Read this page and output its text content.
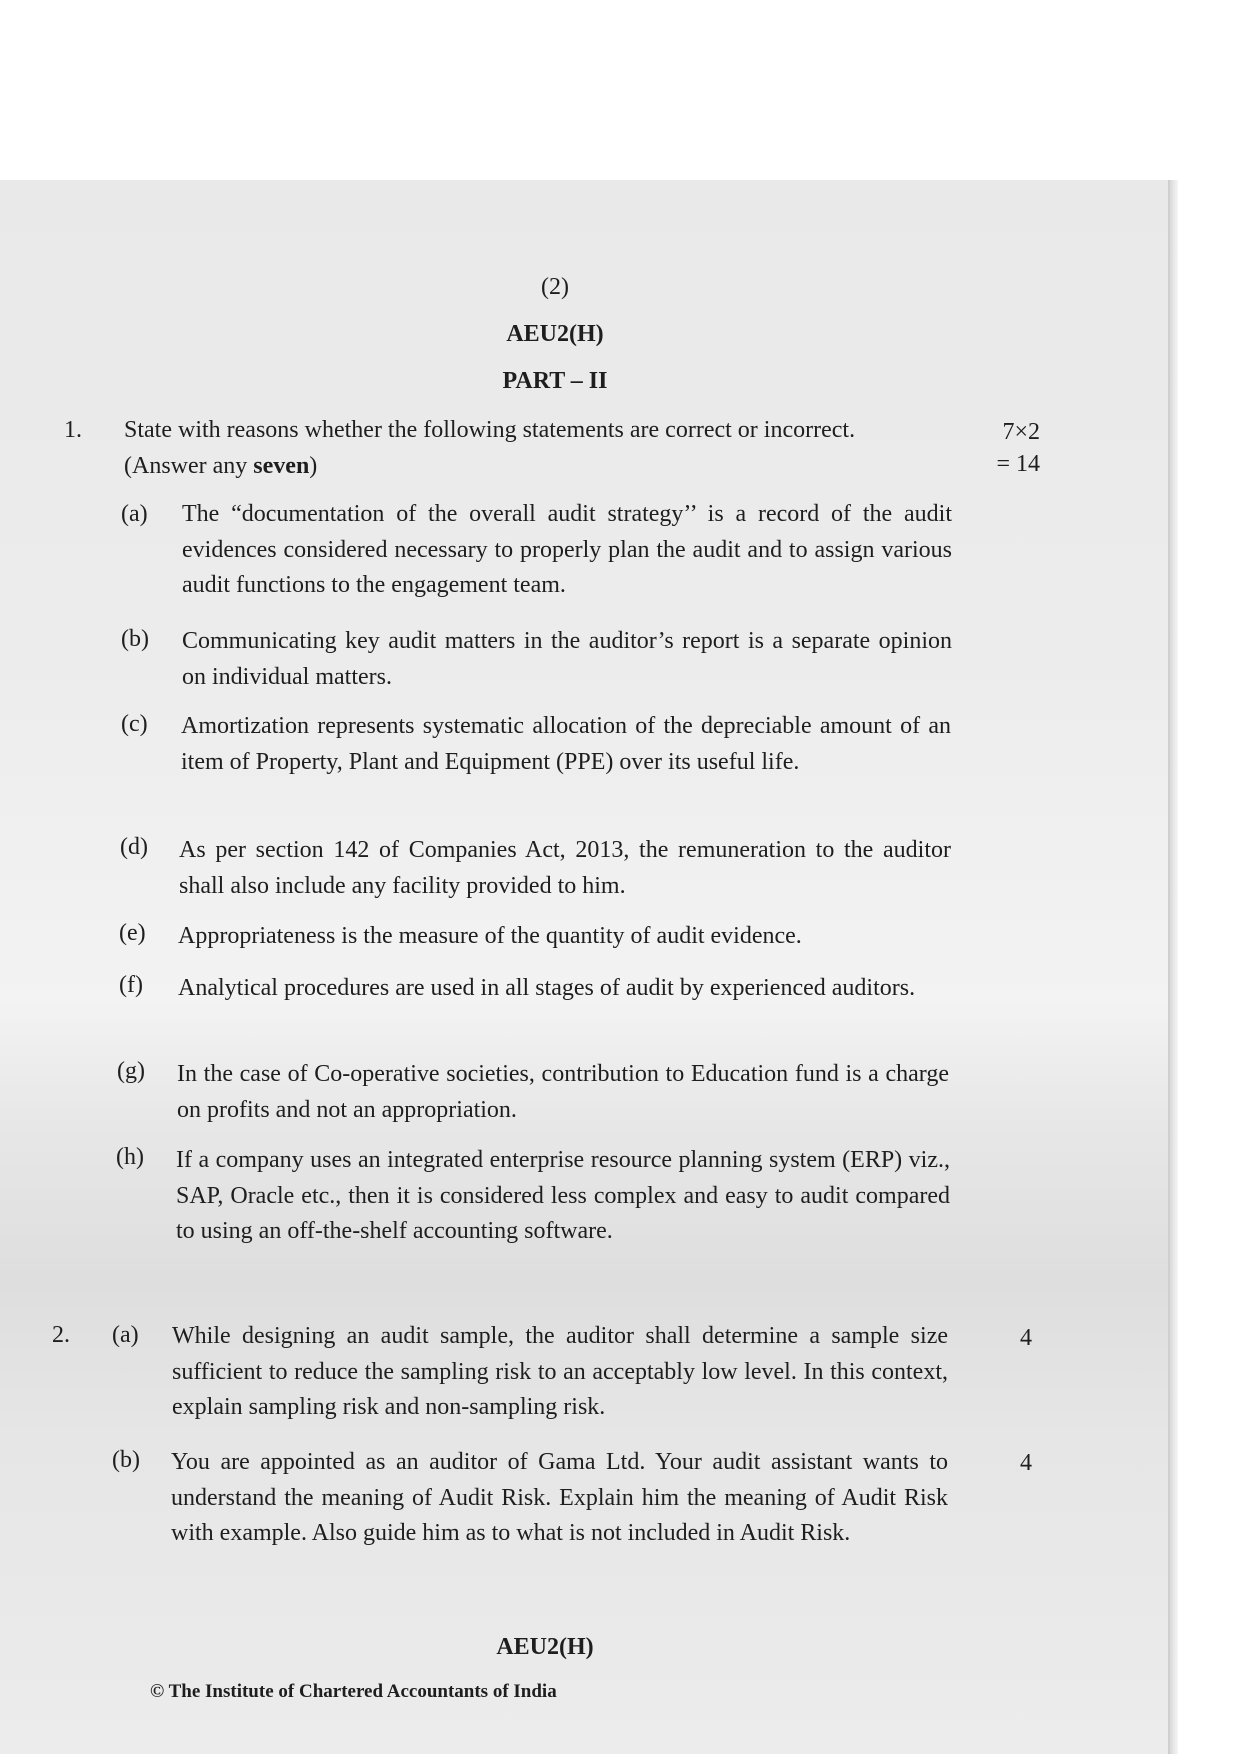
(2)
AEU2(H)
PART – II
1. State with reasons whether the following statements are correct or incorrect.
(Answer any seven)
7×2
= 14
(a) The “documentation of the overall audit strategy’’ is a record of the audit evidences considered necessary to properly plan the audit and to assign various audit functions to the engagement team.
(b) Communicating key audit matters in the auditor’s report is a separate opinion on individual matters.
(c) Amortization represents systematic allocation of the depreciable amount of an item of Property, Plant and Equipment (PPE) over its useful life.
(d) As per section 142 of Companies Act, 2013, the remuneration to the auditor shall also include any facility provided to him.
(e) Appropriateness is the measure of the quantity of audit evidence.
(f) Analytical procedures are used in all stages of audit by experienced auditors.
(g) In the case of Co-operative societies, contribution to Education fund is a charge on profits and not an appropriation.
(h) If a company uses an integrated enterprise resource planning system (ERP) viz., SAP, Oracle etc., then it is considered less complex and easy to audit compared to using an off-the-shelf accounting software.
2. (a) While designing an audit sample, the auditor shall determine a sample size sufficient to reduce the sampling risk to an acceptably low level. In this context, explain sampling risk and non-sampling risk.
4
(b) You are appointed as an auditor of Gama Ltd. Your audit assistant wants to understand the meaning of Audit Risk. Explain him the meaning of Audit Risk with example. Also guide him as to what is not included in Audit Risk.
4
AEU2(H)
© The Institute of Chartered Accountants of India
